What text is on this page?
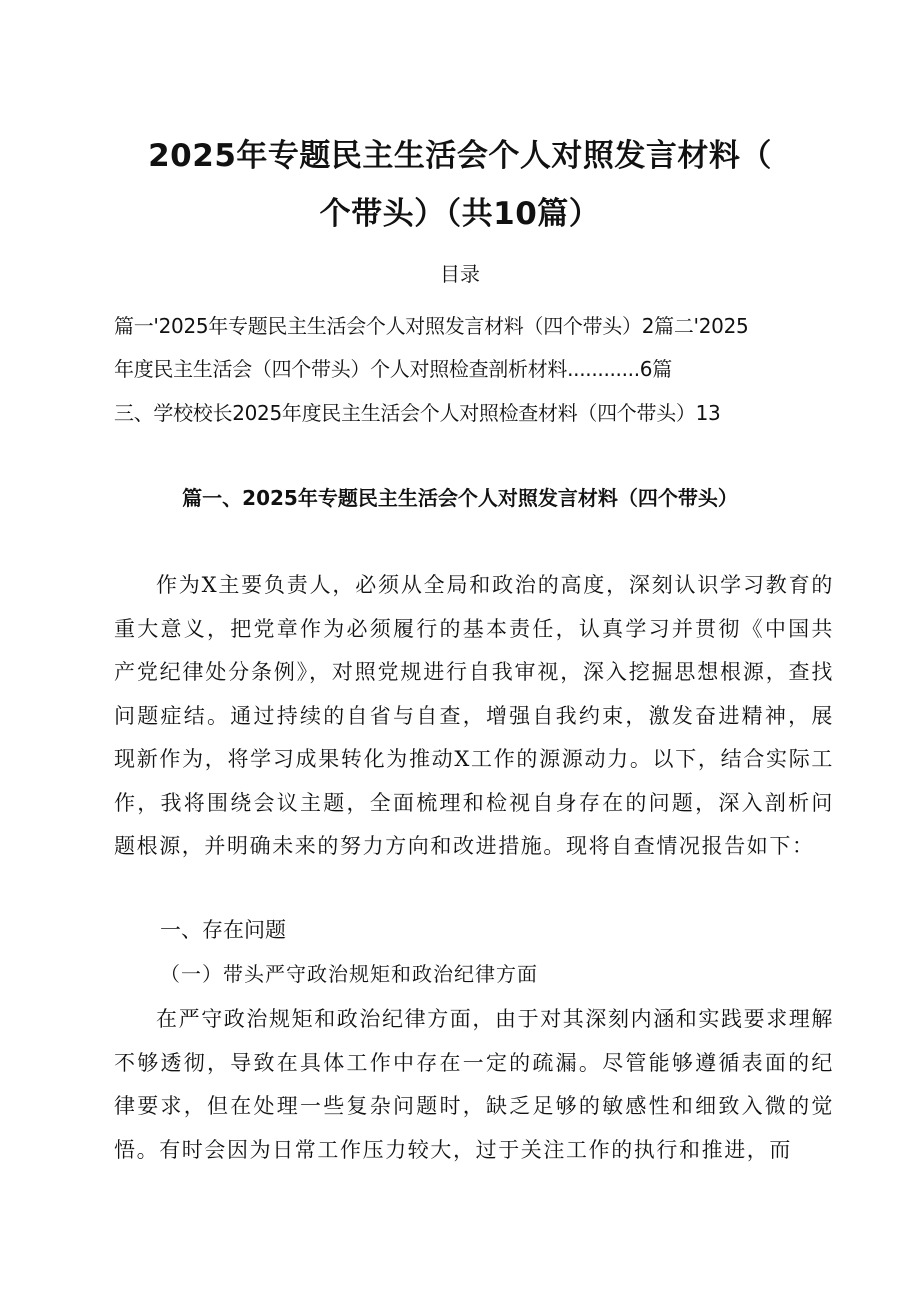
2025年专题民主生活会个人对照发言材料（
个带头）（共10篇）
目录
篇一'2025年专题民主生活会个人对照发言材料（四个带头）2篇二'2025
年度民主生活会（四个带头）个人对照检查剖析材料............6篇
三、学校校长2025年度民主生活会个人对照检查材料（四个带头）13
篇一、2025年专题民主生活会个人对照发言材料（四个带头）
作为X主要负责人，必须从全局和政治的高度，深刻认识学习教育的重大意义，把党章作为必须履行的基本责任，认真学习并贯彻《中国共产党纪律处分条例》，对照党规进行自我审视，深入挖掘思想根源，查找问题症结。通过持续的自省与自查，增强自我约束，激发奋进精神，展现新作为，将学习成果转化为推动X工作的源源动力。以下，结合实际工作，我将围绕会议主题，全面梳理和检视自身存在的问题，深入剖析问题根源，并明确未来的努力方向和改进措施。现将自查情况报告如下：
一、存在问题
（一）带头严守政治规矩和政治纪律方面
在严守政治规矩和政治纪律方面，由于对其深刻内涵和实践要求理解不够透彻，导致在具体工作中存在一定的疏漏。尽管能够遵循表面的纪律要求，但在处理一些复杂问题时，缺乏足够的敏感性和细致入微的觉悟。有时会因为日常工作压力较大，过于关注工作的执行和推进，而
